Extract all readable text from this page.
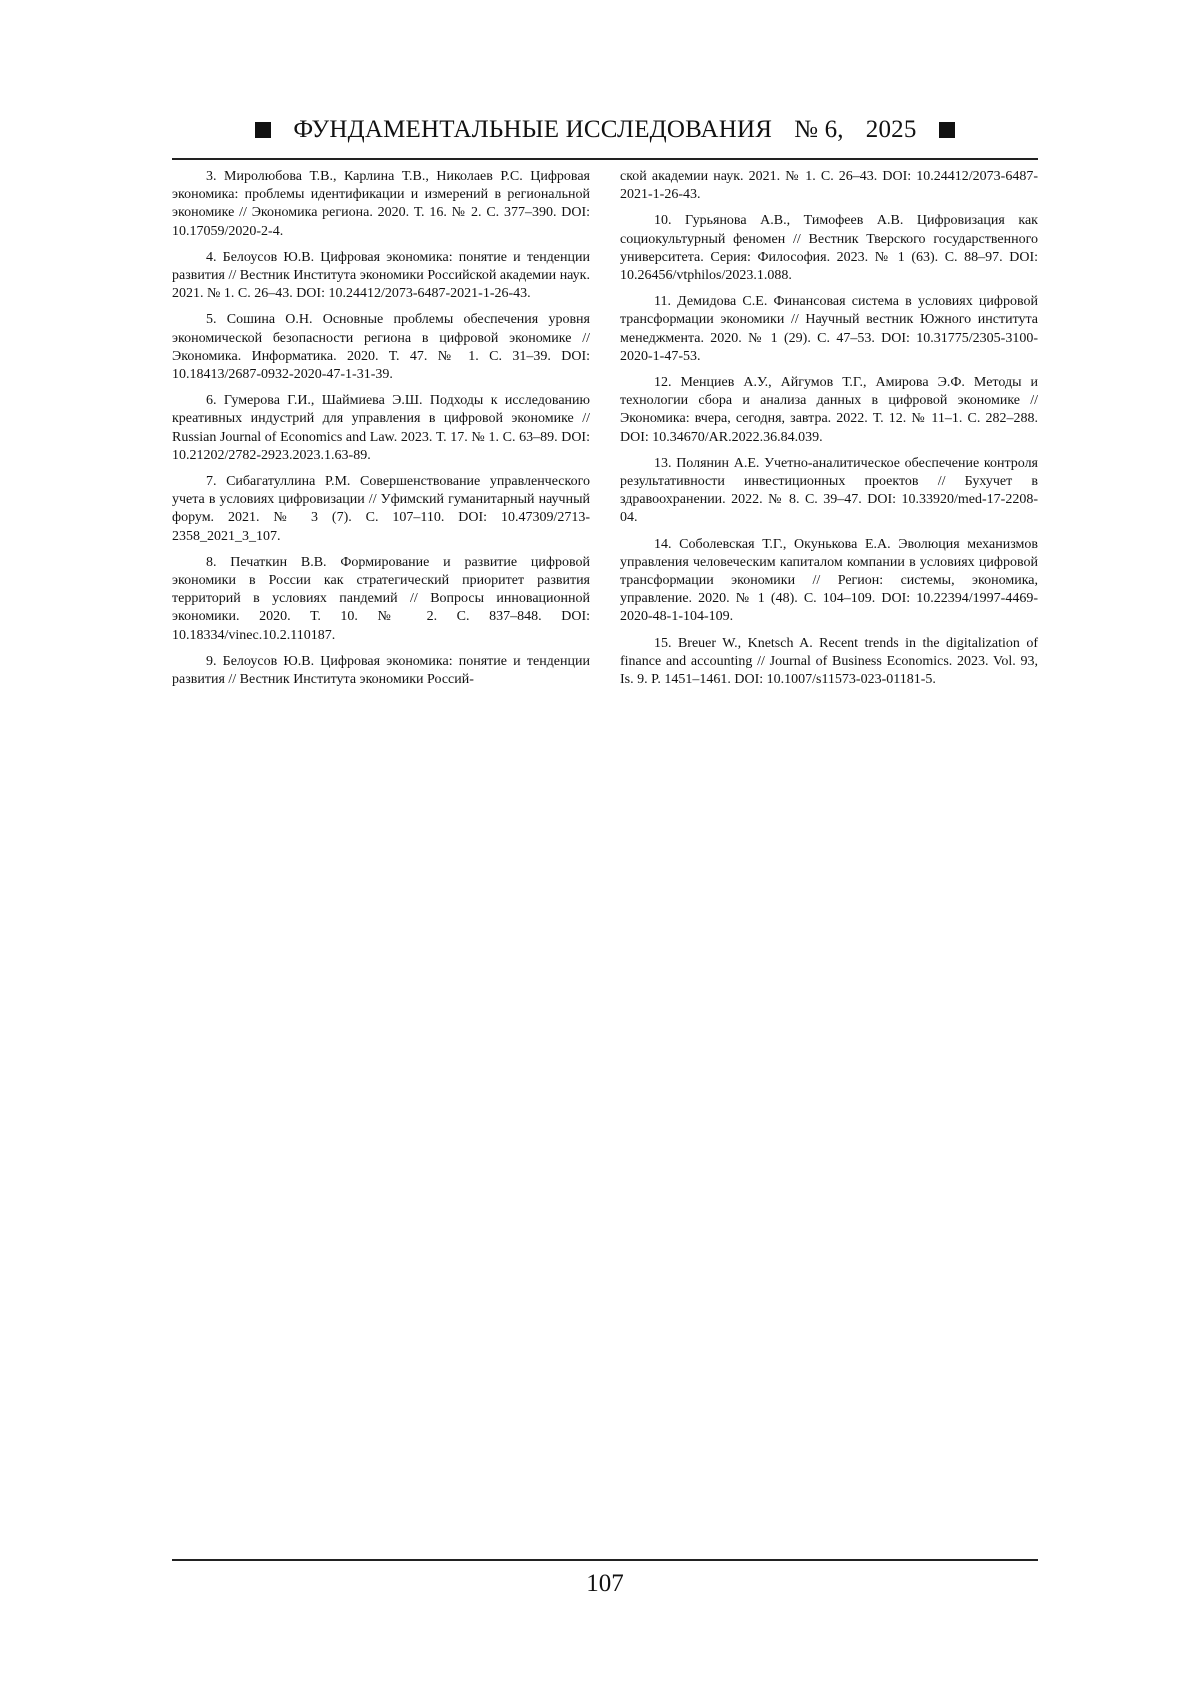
ФУНДАМЕНТАЛЬНЫЕ ИССЛЕДОВАНИЯ № 6, 2025

3. Миролюбова Т.В., Карлина Т.В., Николаев Р.С. Цифровая экономика: проблемы идентификации и измерений в региональной экономике // Экономика региона. 2020. Т. 16. № 2. С. 377–390. DOI: 10.17059/2020-2-4.

4. Белоусов Ю.В. Цифровая экономика: понятие и тенденции развития // Вестник Института экономики Российской академии наук. 2021. № 1. С. 26–43. DOI: 10.24412/2073-6487-2021-1-26-43.

5. Сошина О.Н. Основные проблемы обеспечения уровня экономической безопасности региона в цифровой экономике // Экономика. Информатика. 2020. Т. 47. № 1. С. 31–39. DOI: 10.18413/2687-0932-2020-47-1-31-39.

6. Гумерова Г.И., Шаймиева Э.Ш. Подходы к исследованию креативных индустрий для управления в цифровой экономике // Russian Journal of Economics and Law. 2023. Т. 17. № 1. С. 63–89. DOI: 10.21202/2782-2923.2023.1.63-89.

7. Сибагатуллина Р.М. Совершенствование управленческого учета в условиях цифровизации // Уфимский гуманитарный научный форум. 2021. № 3 (7). С. 107–110. DOI: 10.47309/2713-2358_2021_3_107.

8. Печаткин В.В. Формирование и развитие цифровой экономики в России как стратегический приоритет развития территорий в условиях пандемий // Вопросы инновационной экономики. 2020. Т. 10. № 2. С. 837–848. DOI: 10.18334/vinec.10.2.110187.

9. Белоусов Ю.В. Цифровая экономика: понятие и тенденции развития // Вестник Института экономики Россий-

ской академии наук. 2021. № 1. С. 26–43. DOI: 10.24412/2073-6487-2021-1-26-43.

10. Гурьянова А.В., Тимофеев А.В. Цифровизация как социокультурный феномен // Вестник Тверского государственного университета. Серия: Философия. 2023. № 1 (63). С. 88–97. DOI: 10.26456/vtphilos/2023.1.088.

11. Демидова С.Е. Финансовая система в условиях цифровой трансформации экономики // Научный вестник Южного института менеджмента. 2020. № 1 (29). С. 47–53. DOI: 10.31775/2305-3100-2020-1-47-53.

12. Менциев А.У., Айгумов Т.Г., Амирова Э.Ф. Методы и технологии сбора и анализа данных в цифровой экономике // Экономика: вчера, сегодня, завтра. 2022. Т. 12. № 11–1. С. 282–288. DOI: 10.34670/AR.2022.36.84.039.

13. Полянин А.Е. Учетно-аналитическое обеспечение контроля результативности инвестиционных проектов // Бухучет в здравоохранении. 2022. № 8. С. 39–47. DOI: 10.33920/med-17-2208-04.

14. Соболевская Т.Г., Окунькова Е.А. Эволюция механизмов управления человеческим капиталом компании в условиях цифровой трансформации экономики // Регион: системы, экономика, управление. 2020. № 1 (48). С. 104–109. DOI: 10.22394/1997-4469-2020-48-1-104-109.

15. Breuer W., Knetsch A. Recent trends in the digitalization of finance and accounting // Journal of Business Economics. 2023. Vol. 93, Is. 9. P. 1451–1461. DOI: 10.1007/s11573-023-01181-5.

107
